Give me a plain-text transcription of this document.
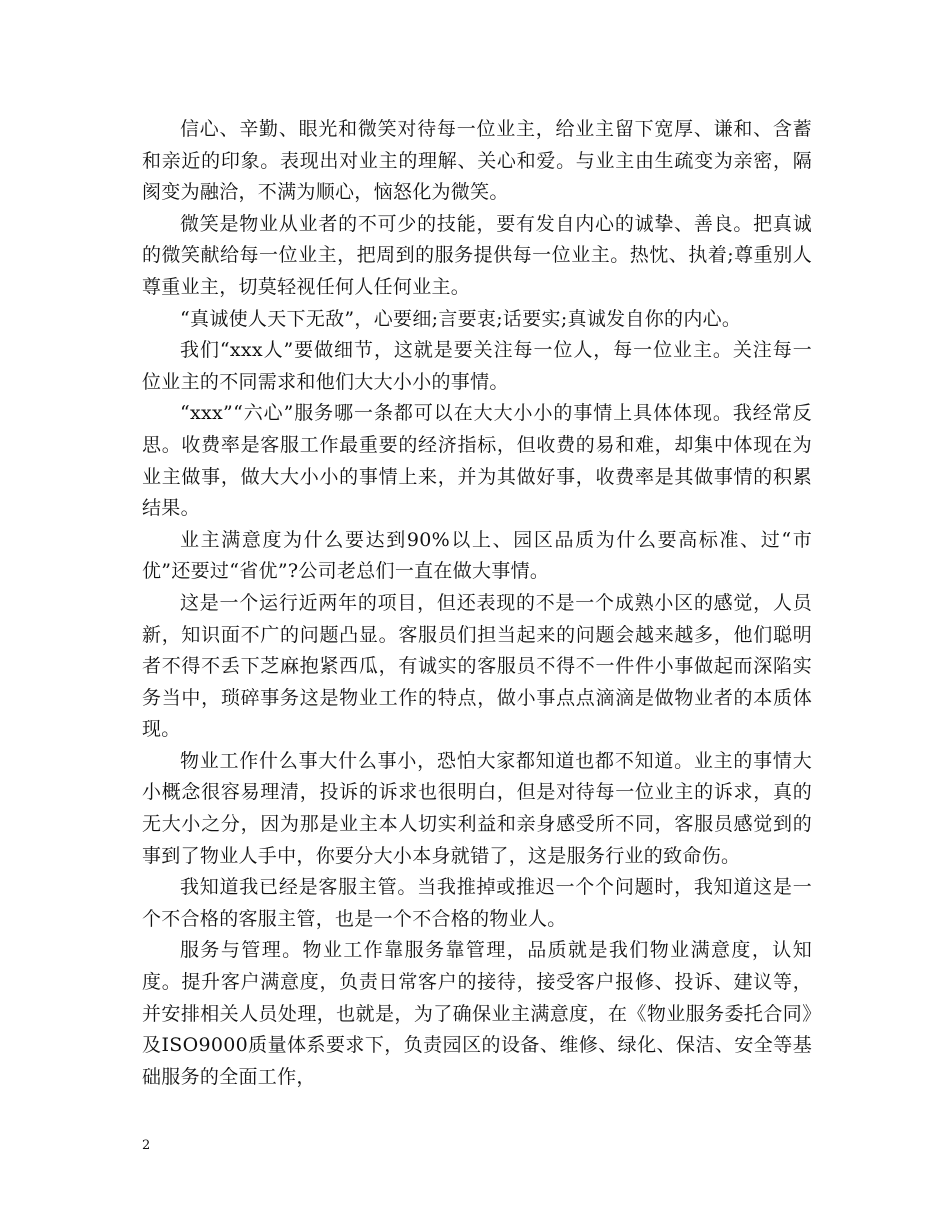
信心、辛勤、眼光和微笑对待每一位业主，给业主留下宽厚、谦和、含蓄和亲近的印象。表现出对业主的理解、关心和爱。与业主由生疏变为亲密，隔阂变为融洽，不满为顺心，恼怒化为微笑。

微笑是物业从业者的不可少的技能，要有发自内心的诚挚、善良。把真诚的微笑献给每一位业主，把周到的服务提供每一位业主。热忱、执着;尊重别人尊重业主，切莫轻视任何人任何业主。

“真诚使人天下无敌”，心要细;言要衷;话要实;真诚发自你的内心。

我们“xxx人”要做细节，这就是要关注每一位人，每一位业主。关注每一位业主的不同需求和他们大大小小的事情。

“xxx”“六心”服务哪一条都可以在大大小小的事情上具体体现。我经常反思。收费率是客服工作最重要的经济指标，但收费的易和难，却集中体现在为业主做事，做大大小小的事情上来，并为其做好事，收费率是其做事情的积累结果。

业主满意度为什么要达到90%以上、园区品质为什么要高标准、过“市优”还要过“省优”?公司老总们一直在做大事情。

这是一个运行近两年的项目，但还表现的不是一个成熟小区的感觉，人员新，知识面不广的问题凸显。客服员们担当起来的问题会越来越多，他们聪明者不得不丢下芝麻抱紧西瓜，有诚实的客服员不得不一件件小事做起而深陷实务当中，琐碎事务这是物业工作的特点，做小事点点滴滴是做物业者的本质体现。

物业工作什么事大什么事小，恐怕大家都知道也都不知道。业主的事情大小概念很容易理清，投诉的诉求也很明白，但是对待每一位业主的诉求，真的无大小之分，因为那是业主本人切实利益和亲身感受所不同，客服员感觉到的事到了物业人手中，你要分大小本身就错了，这是服务行业的致命伤。

我知道我已经是客服主管。当我推掉或推迟一个个问题时，我知道这是一个不合格的客服主管，也是一个不合格的物业人。

服务与管理。物业工作靠服务靠管理，品质就是我们物业满意度，认知度。提升客户满意度，负责日常客户的接待，接受客户报修、投诉、建议等，并安排相关人员处理，也就是，为了确保业主满意度，在《物业服务委托合同》及ISO9000质量体系要求下，负责园区的设备、维修、绿化、保洁、安全等基础服务的全面工作，

2
